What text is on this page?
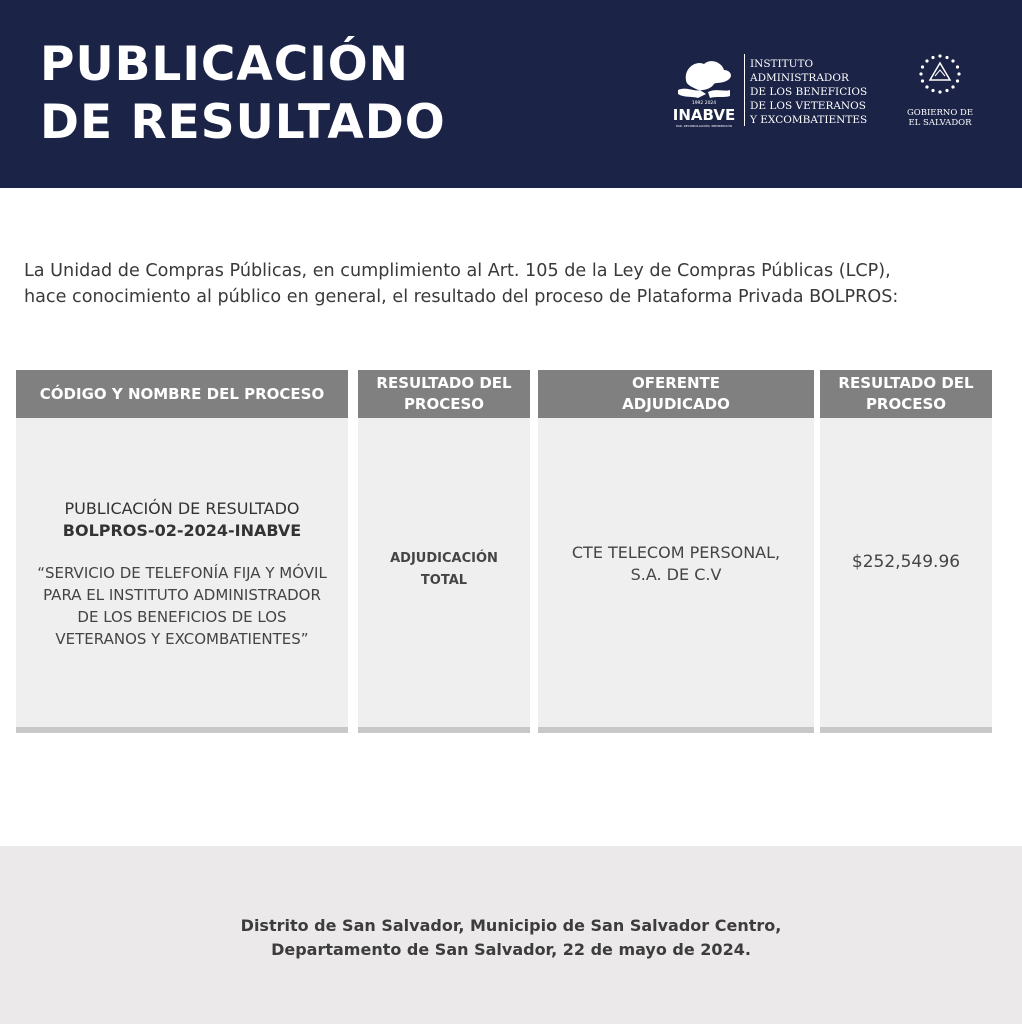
PUBLICACIÓN
DE RESULTADO	1992 2024
INABVE
PAZ, RECONCILIACIÓN, REINSERCIÓN
INSTITUTO
ADMINISTRADOR
DE LOS BENEFICIOS
DE LOS VETERANOS
Y EXCOMBATIENTES
GOBIERNO DE
EL SALVADOR
La Unidad de Compras Públicas, en cumplimiento al Art. 105 de la Ley de Compras Públicas (LCP),
hace conocimiento al público en general, el resultado del proceso de Plataforma Privada BOLPROS:
CÓDIGO Y NOMBRE DEL PROCESO
RESULTADO DEL
PROCESO
OFERENTE
ADJUDICADO
RESULTADO DEL
PROCESO
PUBLICACIÓN DE RESULTADO
BOLPROS-02-2024-INABVE
“SERVICIO DE TELEFONÍA FIJA Y MÓVIL PARA EL INSTITUTO ADMINISTRADOR DE LOS BENEFICIOS DE LOS VETERANOS Y EXCOMBATIENTES”
ADJUDICACIÓN
TOTAL
CTE TELECOM PERSONAL,
S.A. DE C.V
$252,549.96
Distrito de San Salvador, Municipio de San Salvador Centro,
Departamento de San Salvador, 22 de mayo de 2024.
